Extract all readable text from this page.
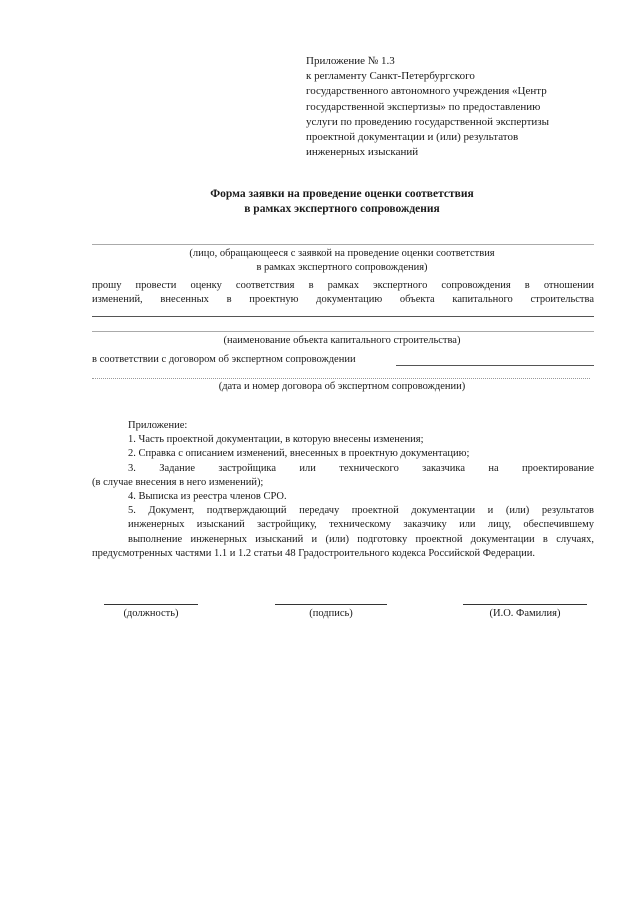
Приложение № 1.3
к регламенту Санкт-Петербургского
государственного автономного учреждения «Центр
государственной экспертизы» по предоставлению
услуги по проведению государственной экспертизы
проектной документации и (или) результатов
инженерных изысканий
Форма заявки на проведение оценки соответствия
в рамках экспертного сопровождения
(лицо, обращающееся с заявкой на проведение оценки соответствия
в рамках экспертного сопровождения)
прошу провести оценку соответствия в рамках экспертного сопровождения в отношении
изменений, внесенных в проектную документацию объекта капитального строительства
(наименование объекта капитального строительства)
в соответствии с договором об экспертном сопровождении
(дата и номер договора об экспертном сопровождении)
Приложение:
1. Часть проектной документации, в которую внесены изменения;
2. Справка с описанием изменений, внесенных в проектную документацию;
3. Задание застройщика или технического заказчика на проектирование
(в случае внесения в него изменений);
4. Выписка из реестра членов СРО.
5. Документ, подтверждающий передачу проектной документации и (или) результатов
инженерных изысканий застройщику, техническому заказчику или лицу, обеспечившему
выполнение инженерных изысканий и (или) подготовку проектной документации в случаях,
предусмотренных частями 1.1 и 1.2 статьи 48 Градостроительного кодекса Российской Федерации.
(должность)	(подпись)	(И.О. Фамилия)
